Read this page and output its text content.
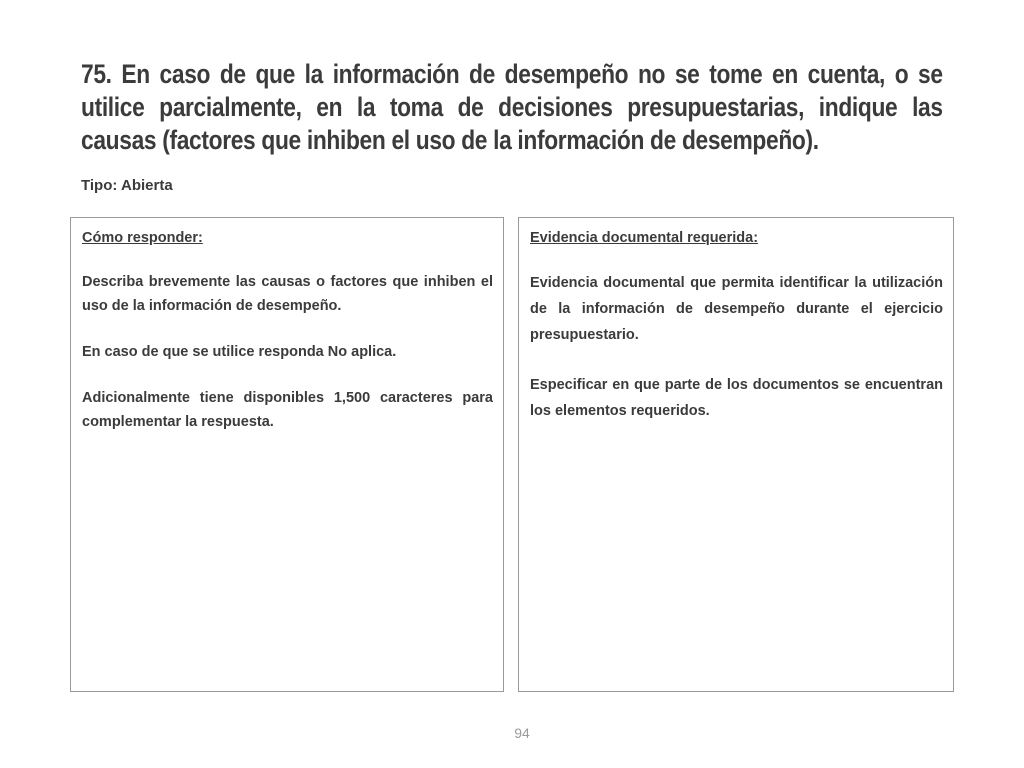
75. En caso de que la información de desempeño no se tome en cuenta, o se utilice parcialmente, en la toma de decisiones presupuestarias, indique las causas (factores que inhiben el uso de la información de desempeño).
Tipo: Abierta
Cómo responder:

Describa brevemente las causas o factores que inhiben el uso de la información de desempeño.

En caso de que se utilice responda No aplica.

Adicionalmente tiene disponibles 1,500 caracteres para complementar la respuesta.

Evidencia documental requerida:

Evidencia documental que permita identificar la utilización de la información de desempeño durante el ejercicio presupuestario.

Especificar en que parte de los documentos se encuentran los elementos requeridos.

94
